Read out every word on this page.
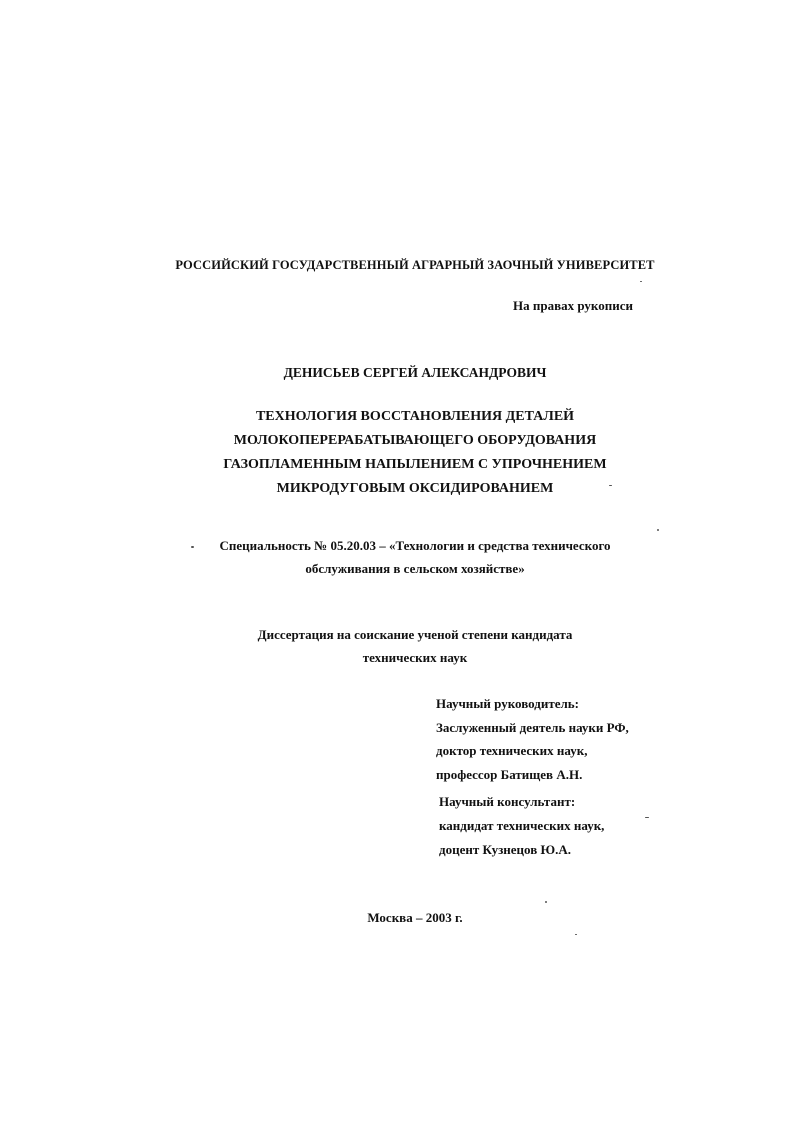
РОССИЙСКИЙ ГОСУДАРСТВЕННЫЙ АГРАРНЫЙ ЗАОЧНЫЙ УНИВЕРСИТЕТ
На правах рукописи
ДЕНИСЬЕВ СЕРГЕЙ АЛЕКСАНДРОВИЧ
ТЕХНОЛОГИЯ ВОССТАНОВЛЕНИЯ ДЕТАЛЕЙ
МОЛОКОПЕРЕРАБАТЫВАЮЩЕГО ОБОРУДОВАНИЯ
ГАЗОПЛАМЕННЫМ НАПЫЛЕНИЕМ С УПРОЧНЕНИЕМ
МИКРОДУГОВЫМ ОКСИДИРОВАНИЕМ
Специальность № 05.20.03 – «Технологии и средства технического
обслуживания в сельском хозяйстве»
Диссертация на соискание ученой степени кандидата
технических наук
Научный руководитель:
Заслуженный деятель науки РФ,
доктор технических наук,
профессор Батищев А.Н.
Научный консультант:
кандидат технических наук,
доцент Кузнецов Ю.А.
Москва – 2003 г.
